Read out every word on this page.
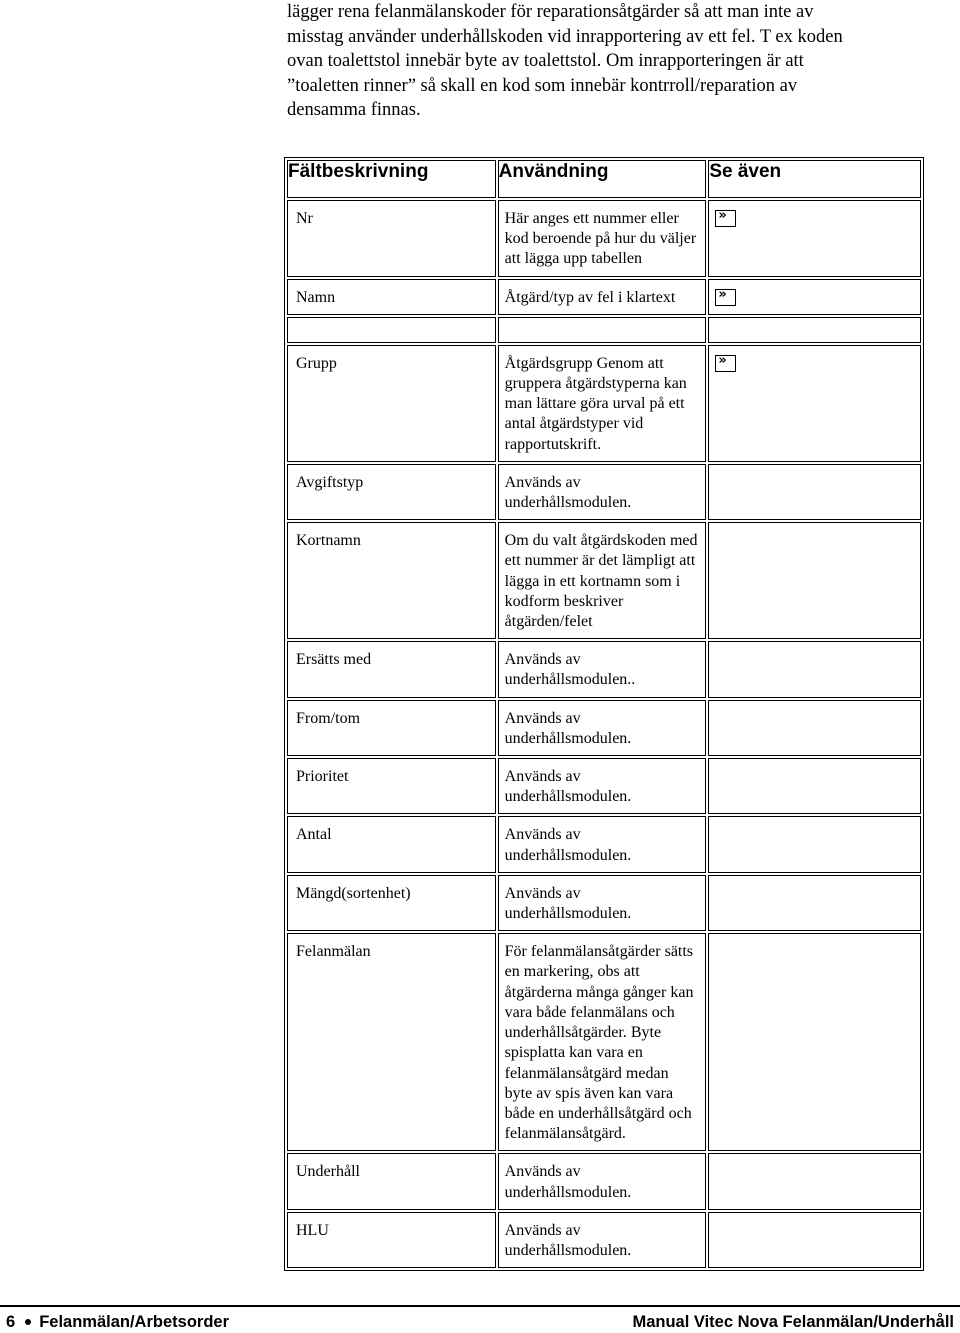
lägger rena felanmälanskoder för reparationsåtgärder så att man inte av
misstag använder underhållskoden vid inrapportering av ett fel. T ex koden
ovan toalettstol innebär byte av toalettstol. Om inrapporteringen är att
”toaletten rinner” så skall en kod som innebär kontrroll/reparation av
densamma finnas.
Fältbeskrivning	Användning	Se även

Nr	Här anges ett nummer eller kod beroende på hur du väljer att lägga upp tabellen	»

Namn	Åtgärd/typ av fel i klartext	»

Grupp	Åtgärdsgrupp Genom att gruppera åtgärdstyperna kan man lättare göra urval på ett antal åtgärdstyper vid rapportutskrift.	»

Avgiftstyp	Används av underhållsmodulen.	

Kortnamn	Om du valt åtgärdskoden med ett nummer är det lämpligt att lägga in ett kortnamn som i kodform beskriver åtgärden/felet	

Ersätts med	Används av underhållsmodulen..	

From/tom	Används av underhållsmodulen.	

Prioritet	Används av underhållsmodulen.	

Antal	Används av underhållsmodulen.	

Mängd(sortenhet)	Används av underhållsmodulen.	

Felanmälan	För felanmälansåtgärder sätts en markering, obs att åtgärderna många gånger kan vara både felanmälans och underhållsåtgärder. Byte spisplatta kan vara en felanmälansåtgärd medan byte av spis även kan vara både en underhållsåtgärd och felanmälansåtgärd.	

Underhåll	Används av underhållsmodulen.	

HLU	Används av underhållsmodulen.	

6 Felanmälan/Arbetsorder	Manual Vitec Nova Felanmälan/Underhåll
